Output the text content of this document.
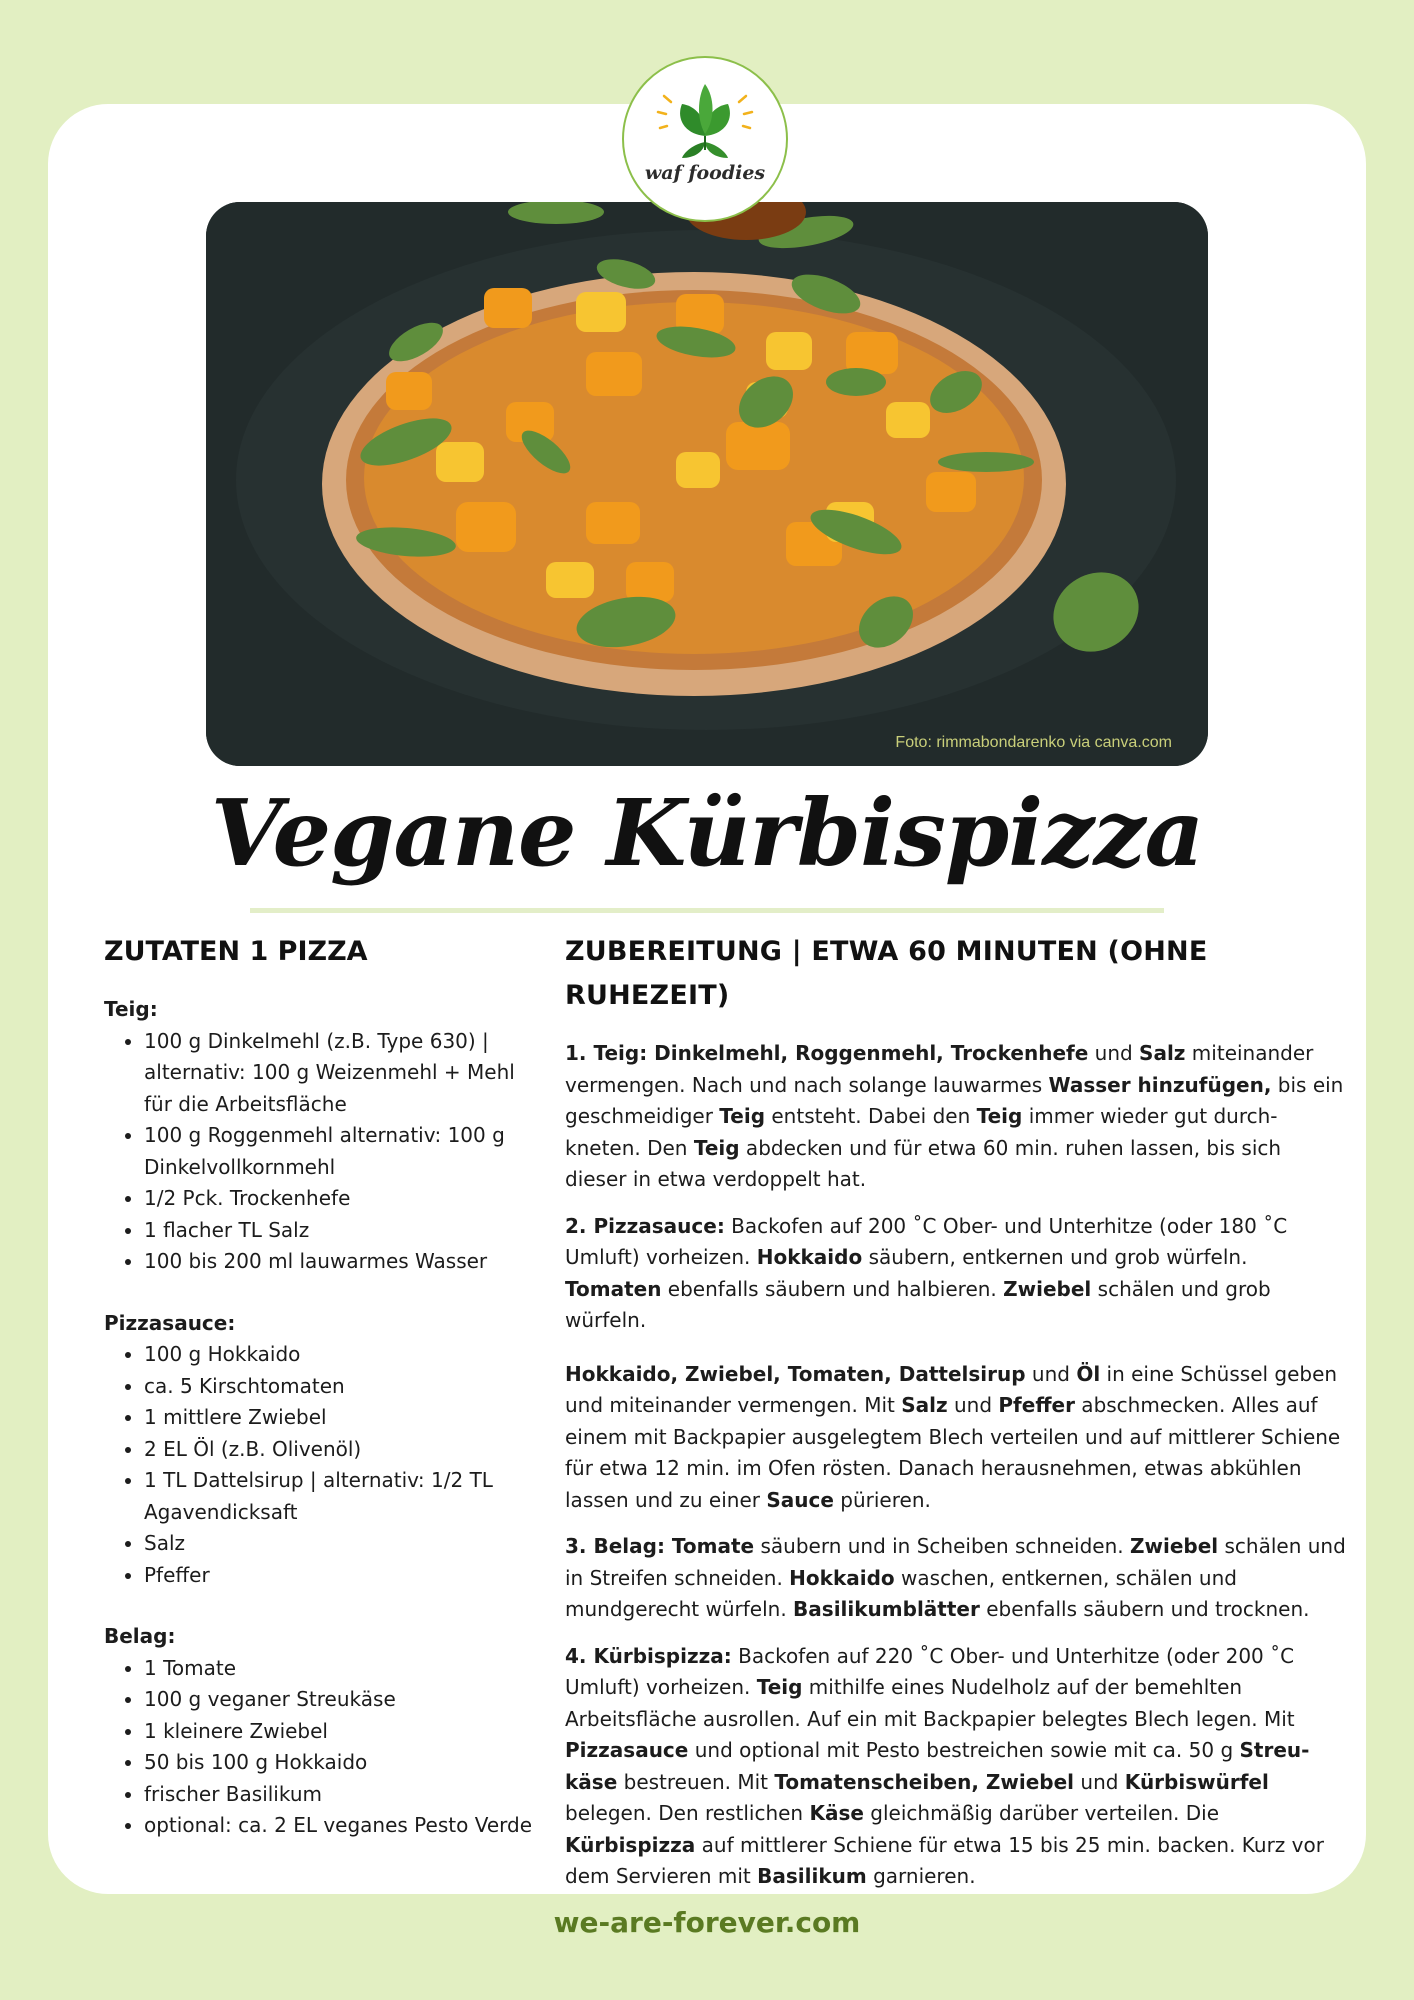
waf foodies
Foto: rimmabondarenko via canva.com
Vegane Kürbispizza
ZUTATEN 1 PIZZA

Teig:

• 100 g Dinkelmehl (z.B. Type 630) | alternativ: 100 g Weizenmehl + Mehl für die Arbeitsfläche
• 100 g Roggenmehl alternativ: 100 g Dinkelvollkornmehl
• 1/2 Pck. Trockenhefe
• 1 flacher TL Salz
• 100 bis 200 ml lauwarmes Wasser

Pizzasauce:

• 100 g Hokkaido
• ca. 5 Kirschtomaten
• 1 mittlere Zwiebel
• 2 EL Öl (z.B. Olivenöl)
• 1 TL Dattelsirup | alternativ: 1/2 TL Agavendicksaft
• Salz
• Pfeffer

Belag:

• 1 Tomate
• 100 g veganer Streukäse
• 1 kleinere Zwiebel
• 50 bis 100 g Hokkaido
• frischer Basilikum
• optional: ca. 2 EL veganes Pesto Verde
ZUBEREITUNG | ETWA 60 MINUTEN (OHNE RUHEZEIT)

1. Teig: Dinkelmehl, Roggenmehl, Trockenhefe und Salz miteinander vermengen. Nach und nach solange lauwarmes Wasser hinzufügen, bis ein geschmeidiger Teig entsteht. Dabei den Teig immer wieder gut durch-kneten. Den Teig abdecken und für etwa 60 min. ruhen lassen, bis sich dieser in etwa verdoppelt hat.

2. Pizzasauce: Backofen auf 200 ˚C Ober- und Unterhitze (oder 180 ˚C Umluft) vorheizen. Hokkaido säubern, entkernen und grob würfeln. Tomaten ebenfalls säubern und halbieren. Zwiebel schälen und grob würfeln.

Hokkaido, Zwiebel, Tomaten, Dattelsirup und Öl in eine Schüssel geben und miteinander vermengen. Mit Salz und Pfeffer abschmecken. Alles auf einem mit Backpapier ausgelegtem Blech verteilen und auf mittlerer Schiene für etwa 12 min. im Ofen rösten. Danach herausnehmen, etwas abkühlen lassen und zu einer Sauce pürieren.

3. Belag: Tomate säubern und in Scheiben schneiden. Zwiebel schälen und in Streifen schneiden. Hokkaido waschen, entkernen, schälen und mundgerecht würfeln. Basilikumblätter ebenfalls säubern und trocknen.

4. Kürbispizza: Backofen auf 220 ˚C Ober- und Unterhitze (oder 200 ˚C Umluft) vorheizen. Teig mithilfe eines Nudelholz auf der bemehlten Arbeitsfläche ausrollen. Auf ein mit Backpapier belegtes Blech legen. Mit Pizzasauce und optional mit Pesto bestreichen sowie mit ca. 50 g Streu-käse bestreuen. Mit Tomatenscheiben, Zwiebel und Kürbiswürfel belegen. Den restlichen Käse gleichmäßig darüber verteilen. Die Kürbispizza auf mittlerer Schiene für etwa 15 bis 25 min. backen. Kurz vor dem Servieren mit Basilikum garnieren.

we-are-forever.com
